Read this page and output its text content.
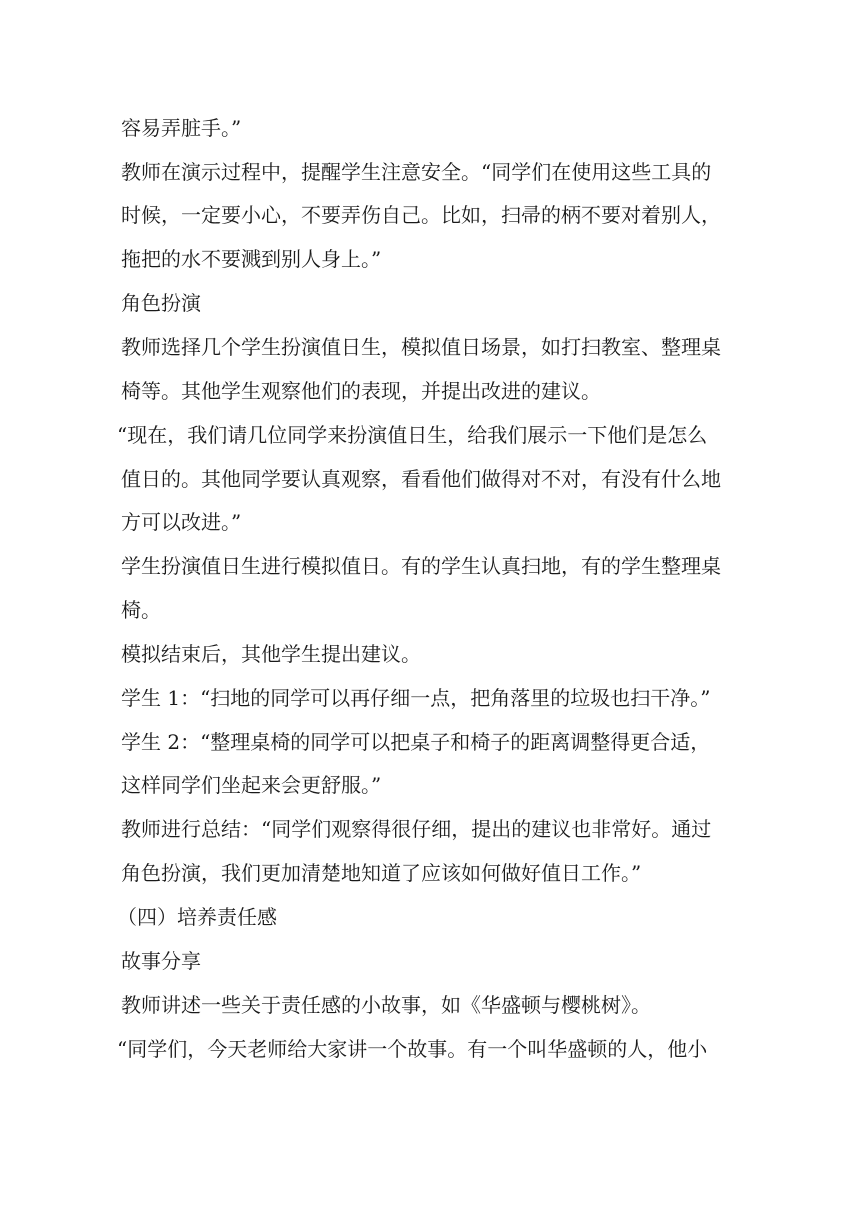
容易弄脏手。”
教师在演示过程中，提醒学生注意安全。“同学们在使用这些工具的
时候，一定要小心，不要弄伤自己。比如，扫帚的柄不要对着别人，
拖把的水不要溅到别人身上。”
角色扮演
教师选择几个学生扮演值日生，模拟值日场景，如打扫教室、整理桌
椅等。其他学生观察他们的表现，并提出改进的建议。
“现在，我们请几位同学来扮演值日生，给我们展示一下他们是怎么
值日的。其他同学要认真观察，看看他们做得对不对，有没有什么地
方可以改进。”
学生扮演值日生进行模拟值日。有的学生认真扫地，有的学生整理桌
椅。
模拟结束后，其他学生提出建议。
学生 1：“扫地的同学可以再仔细一点，把角落里的垃圾也扫干净。”
学生 2：“整理桌椅的同学可以把桌子和椅子的距离调整得更合适，
这样同学们坐起来会更舒服。”
教师进行总结：“同学们观察得很仔细，提出的建议也非常好。通过
角色扮演，我们更加清楚地知道了应该如何做好值日工作。”
（四）培养责任感
故事分享
教师讲述一些关于责任感的小故事，如《华盛顿与樱桃树》。
“同学们，今天老师给大家讲一个故事。有一个叫华盛顿的人，他小
